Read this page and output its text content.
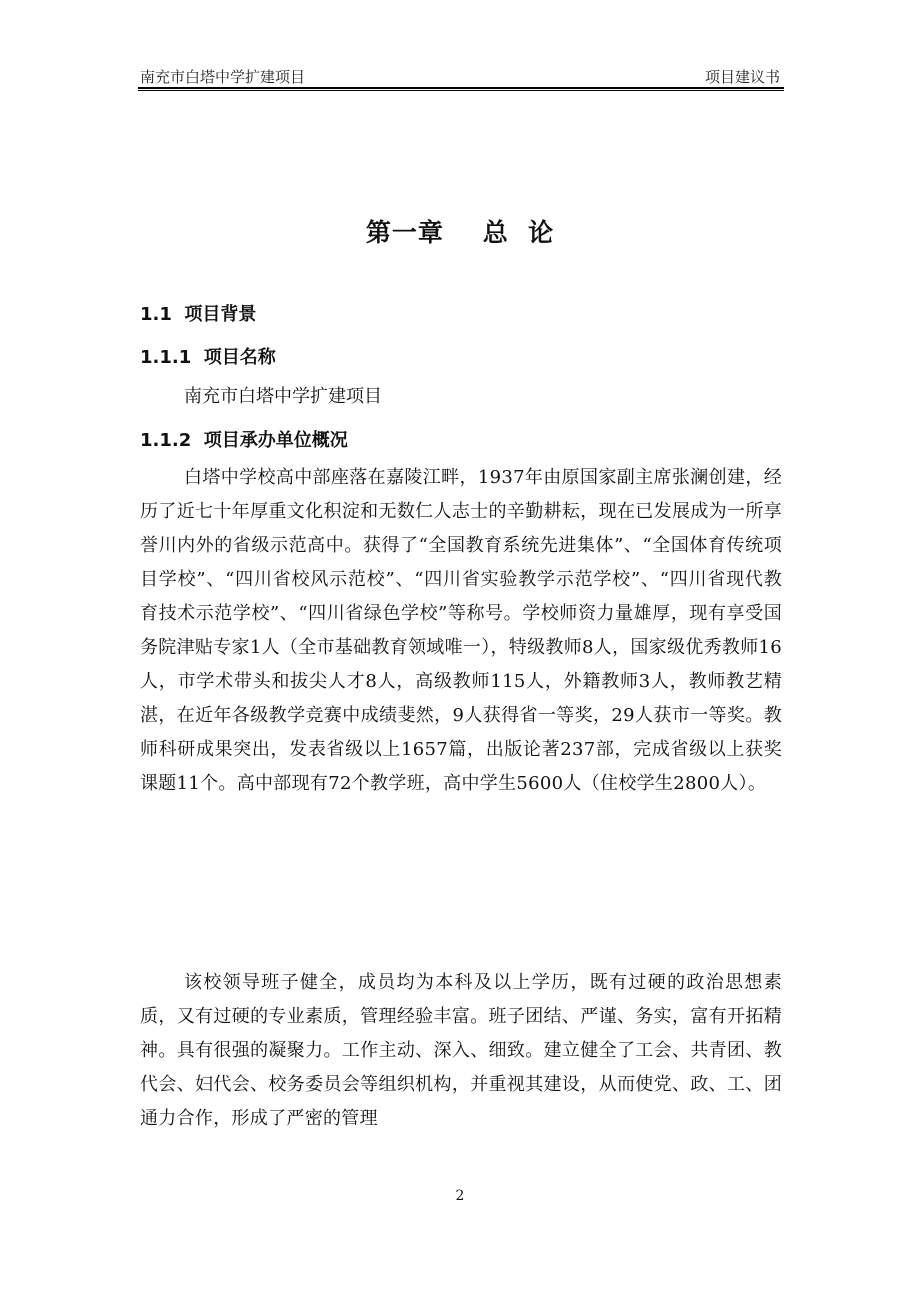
南充市白塔中学扩建项目	项目建议书
第一章    总  论
1.1  项目背景
1.1.1  项目名称
南充市白塔中学扩建项目
1.1.2  项目承办单位概况
白塔中学校高中部座落在嘉陵江畔，1937年由原国家副主席张澜创建，经历了近七十年厚重文化积淀和无数仁人志士的辛勤耕耘，现在已发展成为一所享誉川内外的省级示范高中。获得了“全国教育系统先进集体”、“全国体育传统项目学校”、“四川省校风示范校”、“四川省实验教学示范学校”、“四川省现代教育技术示范学校”、“四川省绿色学校”等称号。学校师资力量雄厚，现有享受国务院津贴专家1人（全市基础教育领域唯一），特级教师8人，国家级优秀教师16人，市学术带头和拔尖人才8人，高级教师115人，外籍教师3人，教师教艺精湛，在近年各级教学竞赛中成绩斐然，9人获得省一等奖，29人获市一等奖。教师科研成果突出，发表省级以上1657篇，出版论著237部，完成省级以上获奖课题11个。高中部现有72个教学班，高中学生5600人（住校学生2800人）。
该校领导班子健全，成员均为本科及以上学历，既有过硬的政治思想素质，又有过硬的专业素质，管理经验丰富。班子团结、严谨、务实，富有开拓精神。具有很强的凝聚力。工作主动、深入、细致。建立健全了工会、共青团、教代会、妇代会、校务委员会等组织机构，并重视其建设，从而使党、政、工、团通力合作，形成了严密的管理
2
